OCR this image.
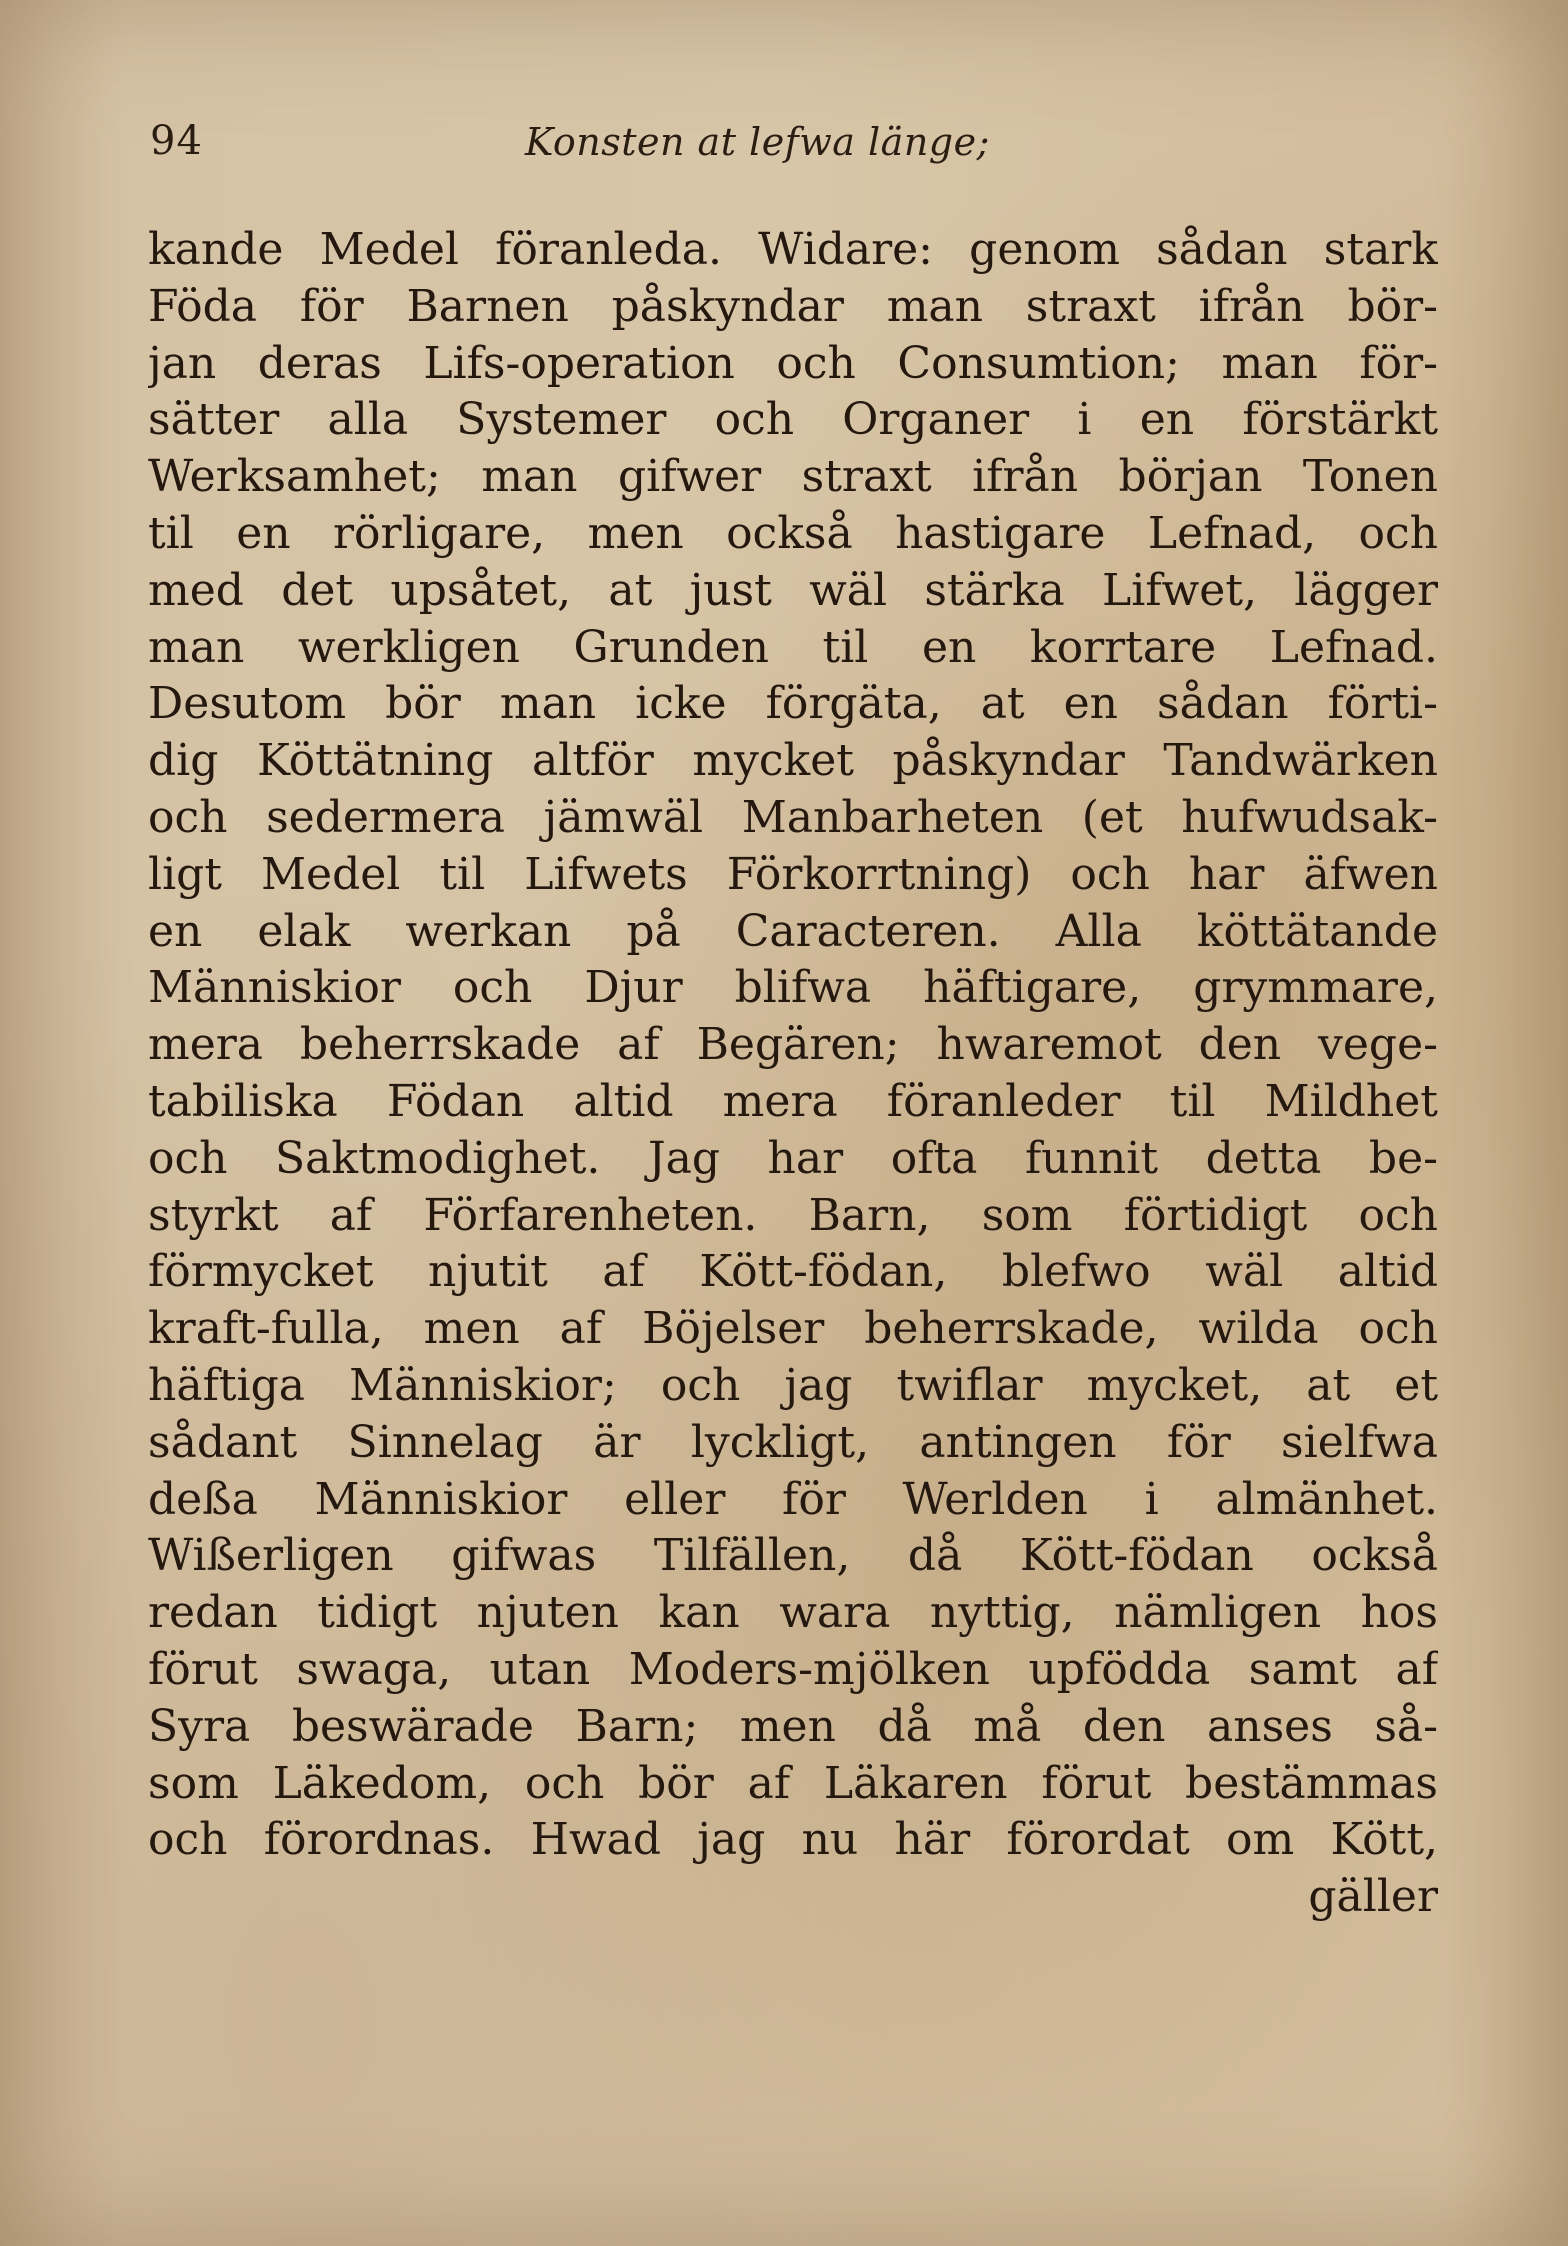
94	Konsten at lefwa länge;
kande Medel föranleda. Widare: genom sådan stark
Föda för Barnen påskyndar man straxt ifrån bör-
jan deras Lifs-operation och Consumtion; man för-
sätter alla Systemer och Organer i en förstärkt
Werksamhet; man gifwer straxt ifrån början Tonen
til en rörligare, men också hastigare Lefnad, och
med det upsåtet, at just wäl stärka Lifwet, lägger
man werkligen Grunden til en korrtare Lefnad.
Desutom bör man icke förgäta, at en sådan förti-
dig Köttätning altför mycket påskyndar Tandwärken
och sedermera jämwäl Manbarheten (et hufwudsak-
ligt Medel til Lifwets Förkorrtning) och har äfwen
en elak werkan på Caracteren. Alla köttätande
Människior och Djur blifwa häftigare, grymmare,
mera beherrskade af Begären; hwaremot den vege-
tabiliska Födan altid mera föranleder til Mildhet
och Saktmodighet. Jag har ofta funnit detta be-
styrkt af Förfarenheten. Barn, som förtidigt och
förmycket njutit af Kött-födan, blefwo wäl altid
kraft-fulla, men af Böjelser beherrskade, wilda och
häftiga Människior; och jag twiflar mycket, at et
sådant Sinnelag är lyckligt, antingen för sielfwa
deßa Människior eller för Werlden i almänhet.
Wißerligen gifwas Tilfällen, då Kött-födan också
redan tidigt njuten kan wara nyttig, nämligen hos
förut swaga, utan Moders-mjölken upfödda samt af
Syra beswärade Barn; men då må den anses så-
som Läkedom, och bör af Läkaren förut bestämmas
och förordnas. Hwad jag nu här förordat om Kött,
gäller
